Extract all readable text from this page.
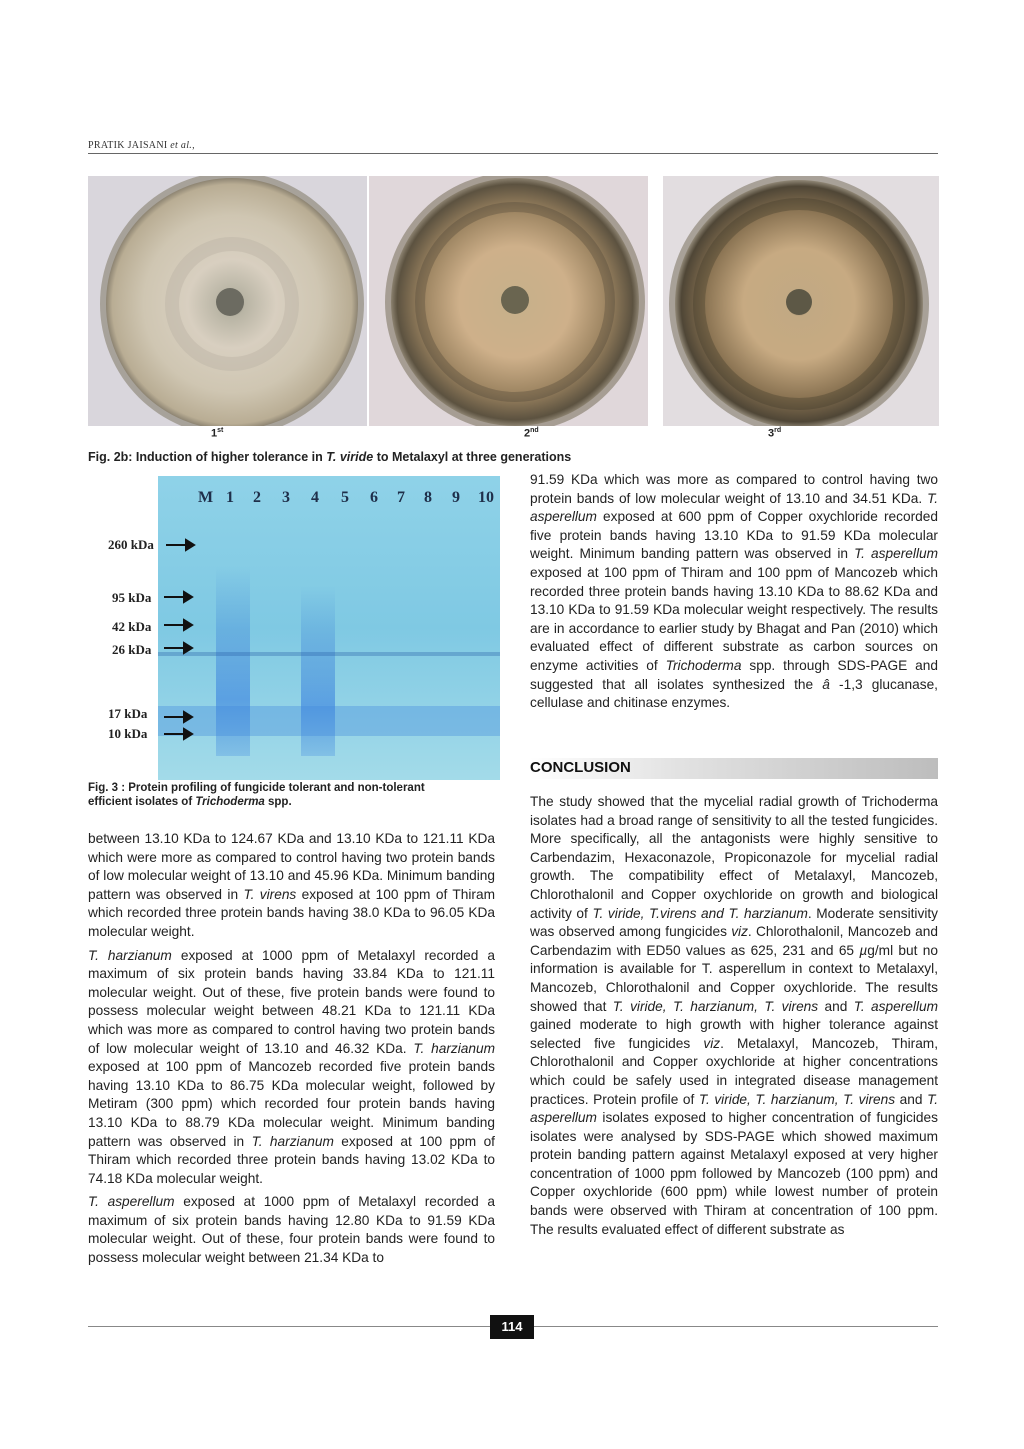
PRATIK JAISANI et al.,
1st	2nd	3rd
Fig. 2b: Induction of higher tolerance in T. viride to Metalaxyl at three generations
M 1 2 3 4 5 6 7 8 9 10
260 kDa
95 kDa
42 kDa
26 kDa
17 kDa
10 kDa
Fig. 3 : Protein profiling of fungicide tolerant and non-tolerant
efficient isolates of Trichoderma spp.

between 13.10 KDa to 124.67 KDa and 13.10 KDa to 121.11 KDa which were more as compared to control having two protein bands of low molecular weight of 13.10 and 45.96 KDa. Minimum banding pattern was observed in T. virens exposed at 100 ppm of Thiram which recorded three protein bands having 38.0 KDa to 96.05 KDa molecular weight.

T. harzianum exposed at 1000 ppm of Metalaxyl recorded a maximum of six protein bands having 33.84 KDa to 121.11 molecular weight. Out of these, five protein bands were found to possess molecular weight between 48.21 KDa to 121.11 KDa which was more as compared to control having two protein bands of low molecular weight of 13.10 and 46.32 KDa. T. harzianum exposed at 100 ppm of Mancozeb recorded five protein bands having 13.10 KDa to 86.75 KDa molecular weight, followed by Metiram (300 ppm) which recorded four protein bands having 13.10 KDa to 88.79 KDa molecular weight. Minimum banding pattern was observed in T. harzianum exposed at 100 ppm of Thiram which recorded three protein bands having 13.02 KDa to 74.18 KDa molecular weight.

T. asperellum exposed at 1000 ppm of Metalaxyl recorded a maximum of six protein bands having 12.80 KDa to 91.59 KDa molecular weight. Out of these, four protein bands were found to possess molecular weight between 21.34 KDa to

91.59 KDa which was more as compared to control having two protein bands of low molecular weight of 13.10 and 34.51 KDa. T. asperellum exposed at 600 ppm of Copper oxychloride recorded five protein bands having 13.10 KDa to 91.59 KDa molecular weight. Minimum banding pattern was observed in T. asperellum exposed at 100 ppm of Thiram and 100 ppm of Mancozeb which recorded three protein bands having 13.10 KDa to 88.62 KDa and 13.10 KDa to 91.59 KDa molecular weight respectively. The results are in accordance to earlier study by Bhagat and Pan (2010) which evaluated effect of different substrate as carbon sources on enzyme activities of Trichoderma spp. through SDS-PAGE and suggested that all isolates synthesized the â -1,3 glucanase, cellulase and chitinase enzymes.

CONCLUSION

The study showed that the mycelial radial growth of Trichoderma isolates had a broad range of sensitivity to all the tested fungicides. More specifically, all the antagonists were highly sensitive to Carbendazim, Hexaconazole, Propiconazole for mycelial radial growth. The compatibility effect of Metalaxyl, Mancozeb, Chlorothalonil and Copper oxychloride on growth and biological activity of T. viride, T.virens and T. harzianum. Moderate sensitivity was observed among fungicides viz. Chlorothalonil, Mancozeb and Carbendazim with ED50 values as 625, 231 and 65 µg/ml but no information is available for T. asperellum in context to Metalaxyl, Mancozeb, Chlorothalonil and Copper oxychloride. The results showed that T. viride, T. harzianum, T. virens and T. asperellum gained moderate to high growth with higher tolerance against selected five fungicides viz. Metalaxyl, Mancozeb, Thiram, Chlorothalonil and Copper oxychloride at higher concentrations which could be safely used in integrated disease management practices. Protein profile of T. viride, T. harzianum, T. virens and T. asperellum isolates exposed to higher concentration of fungicides isolates were analysed by SDS-PAGE which showed maximum protein banding pattern against Metalaxyl exposed at very higher concentration of 1000 ppm followed by Mancozeb (100 ppm) and Copper oxychloride (600 ppm) while lowest number of protein bands were observed with Thiram at concentration of 100 ppm. The results evaluated effect of different substrate as

114
